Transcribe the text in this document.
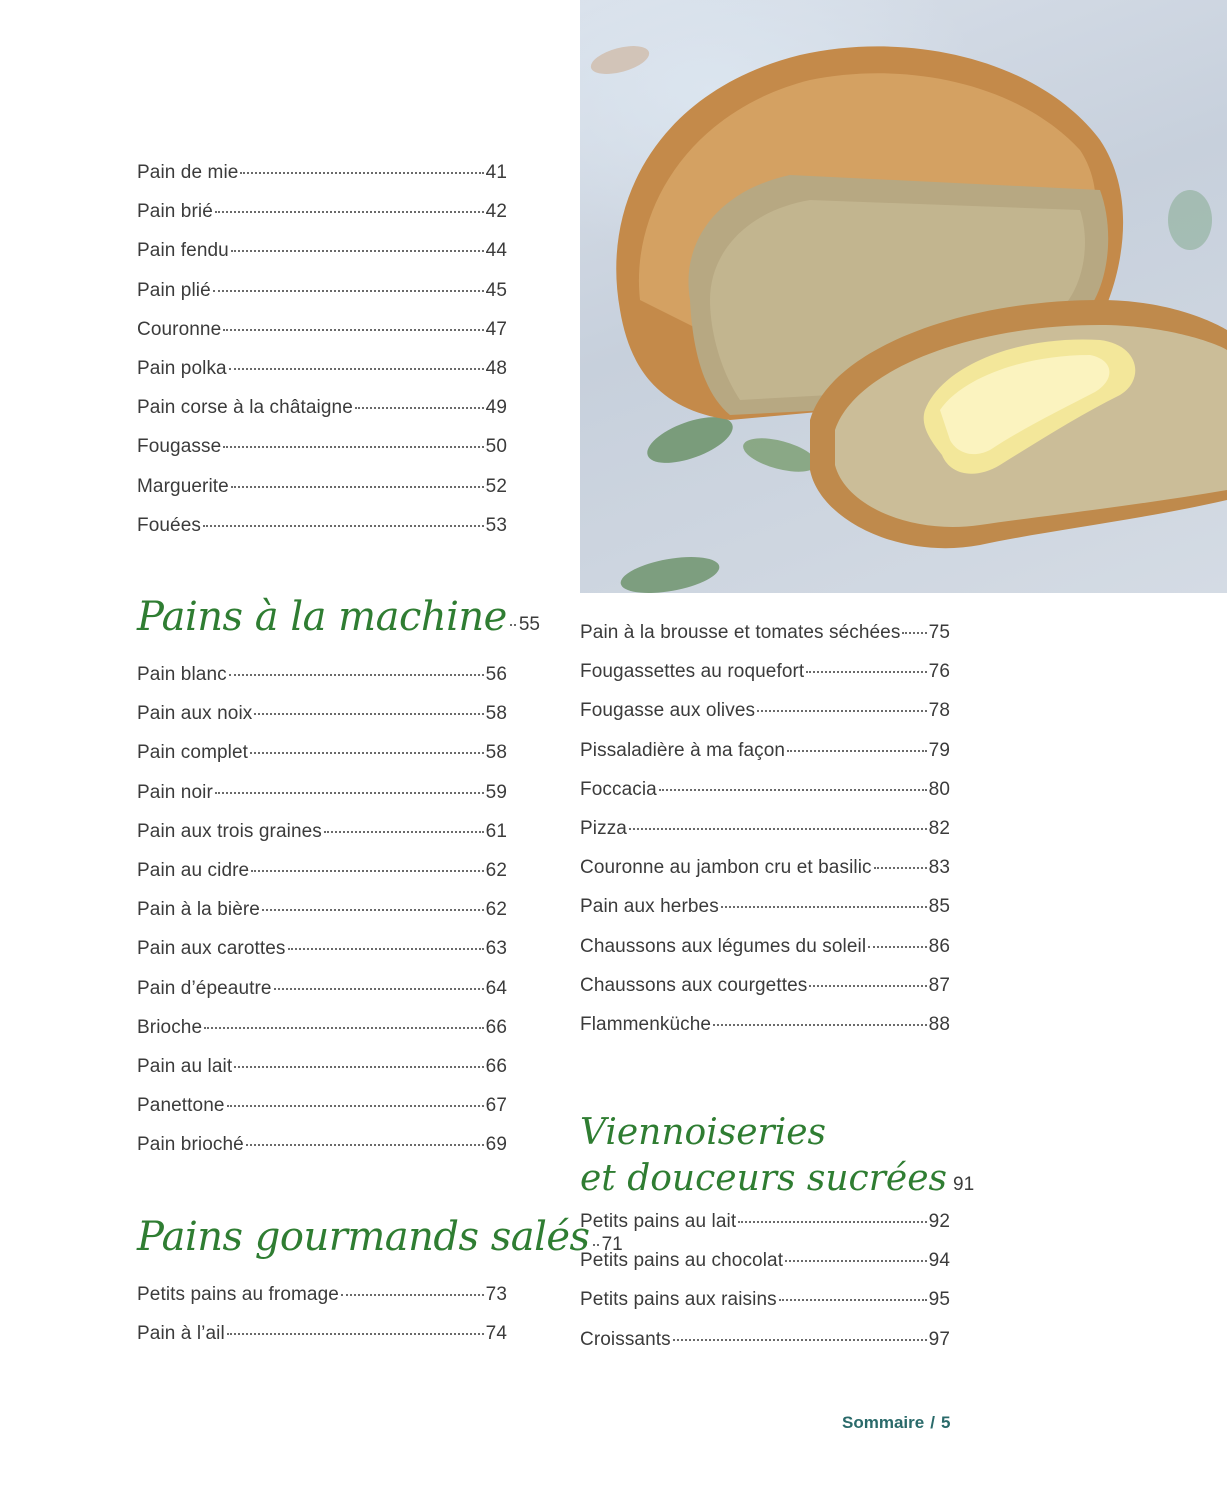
Pain de mie	41
Pain brié	42
Pain fendu	44
Pain plié	45
Couronne	47
Pain polka	48
Pain corse à la châtaigne	49
Fougasse	50
Marguerite	52
Fouées	53
Pains à la machine 55
Pain blanc	56
Pain aux noix	58
Pain complet	58
Pain noir	59
Pain aux trois graines	61
Pain au cidre	62
Pain à la bière	62
Pain aux carottes	63
Pain d’épeautre	64
Brioche	66
Pain au lait	66
Panettone	67
Pain brioché	69
Pains gourmands salés 71
Petits pains au fromage	73
Pain à l’ail	74
Pain à la brousse et tomates séchées 75
Fougassettes au roquefort	76
Fougasse aux olives	78
Pissaladière à ma façon	79
Foccacia	80
Pizza	82
Couronne au jambon cru et basilic	83
Pain aux herbes	85
Chaussons aux légumes du soleil	86
Chaussons aux courgettes	87
Flammenküche	88
Viennoiseries
et douceurs sucrées 91
Petits pains au lait	92
Petits pains au chocolat	94
Petits pains aux raisins	95
Croissants	97
Sommaire / 5
